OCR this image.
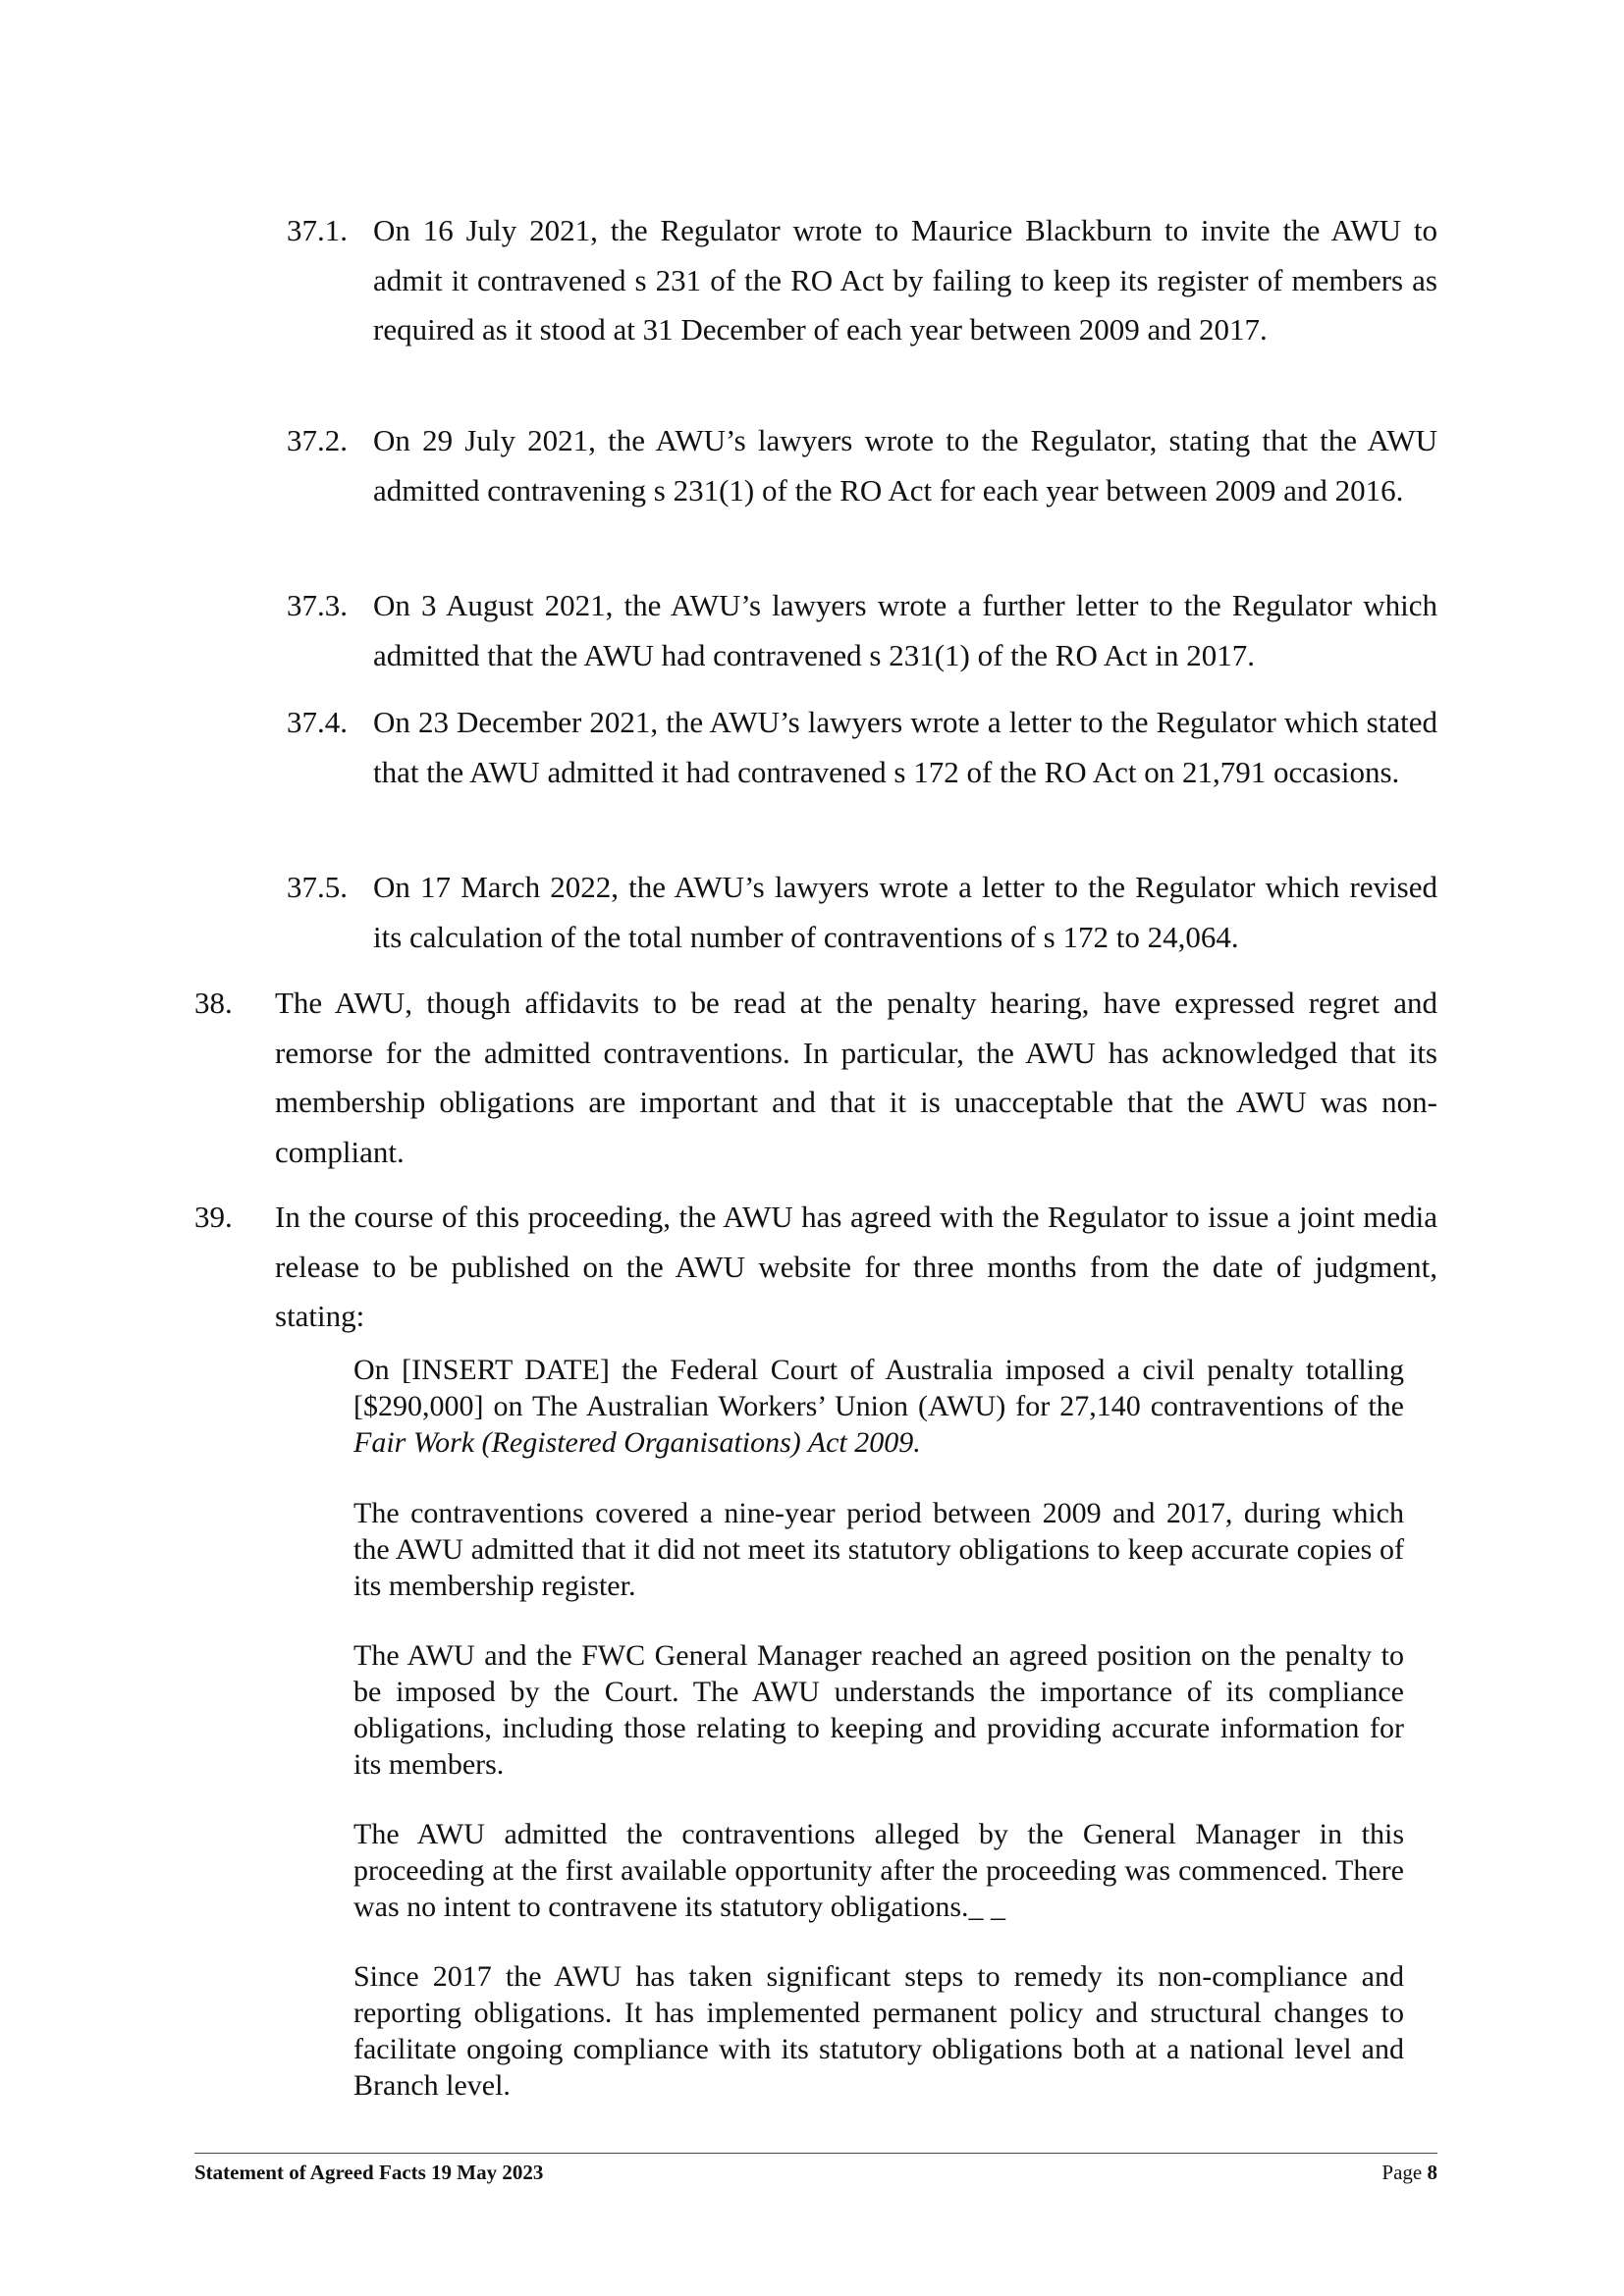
37.1. On 16 July 2021, the Regulator wrote to Maurice Blackburn to invite the AWU to admit it contravened s 231 of the RO Act by failing to keep its register of members as required as it stood at 31 December of each year between 2009 and 2017.
37.2. On 29 July 2021, the AWU’s lawyers wrote to the Regulator, stating that the AWU admitted contravening s 231(1) of the RO Act for each year between 2009 and 2016.
37.3. On 3 August 2021, the AWU’s lawyers wrote a further letter to the Regulator which admitted that the AWU had contravened s 231(1) of the RO Act in 2017.
37.4. On 23 December 2021, the AWU’s lawyers wrote a letter to the Regulator which stated that the AWU admitted it had contravened s 172 of the RO Act on 21,791 occasions.
37.5. On 17 March 2022, the AWU’s lawyers wrote a letter to the Regulator which revised its calculation of the total number of contraventions of s 172 to 24,064.
38. The AWU, though affidavits to be read at the penalty hearing, have expressed regret and remorse for the admitted contraventions. In particular, the AWU has acknowledged that its membership obligations are important and that it is unacceptable that the AWU was non-compliant.
39. In the course of this proceeding, the AWU has agreed with the Regulator to issue a joint media release to be published on the AWU website for three months from the date of judgment, stating:
On [INSERT DATE] the Federal Court of Australia imposed a civil penalty totalling [$290,000] on The Australian Workers’ Union (AWU) for 27,140 contraventions of the Fair Work (Registered Organisations) Act 2009.
The contraventions covered a nine-year period between 2009 and 2017, during which the AWU admitted that it did not meet its statutory obligations to keep accurate copies of its membership register.
The AWU and the FWC General Manager reached an agreed position on the penalty to be imposed by the Court. The AWU understands the importance of its compliance obligations, including those relating to keeping and providing accurate information for its members.
The AWU admitted the contraventions alleged by the General Manager in this proceeding at the first available opportunity after the proceeding was commenced. There was no intent to contravene its statutory obligations._ _
Since 2017 the AWU has taken significant steps to remedy its non-compliance and reporting obligations. It has implemented permanent policy and structural changes to facilitate ongoing compliance with its statutory obligations both at a national level and Branch level.
Statement of Agreed Facts 19 May 2023	Page 8
